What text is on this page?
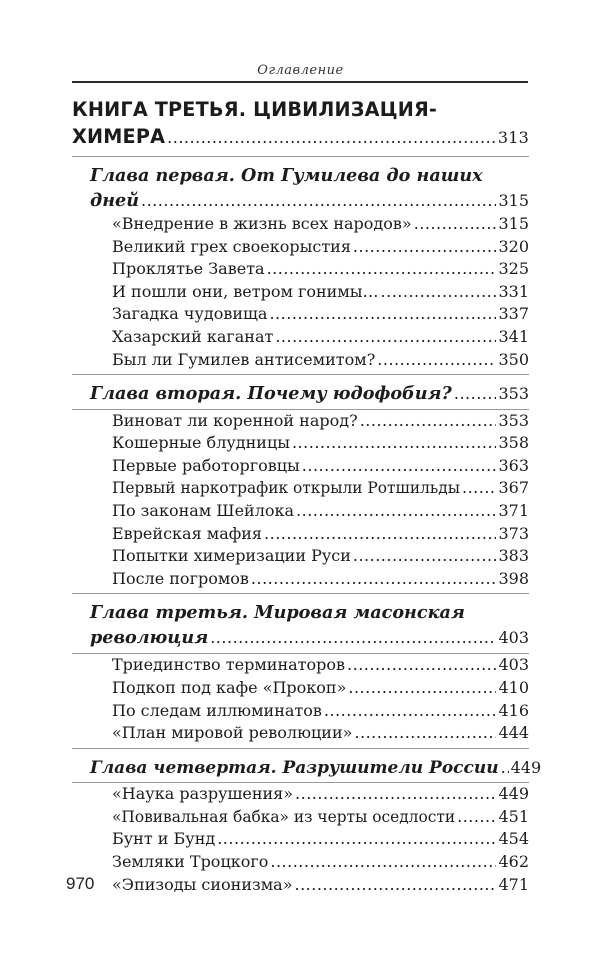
Оглавление
КНИГА ТРЕТЬЯ. ЦИВИЛИЗАЦИЯ-
ХИМЕРА .....	313
Глава первая. От Гумилева до наших
дней .....	315
«Внедрение в жизнь всех народов» .....	315
Великий грех своекорыстия .....	320
Проклятье Завета .....	325
И пошли они, ветром гонимы… .....	331
Загадка чудовища .....	337
Хазарский каганат .....	341
Был ли Гумилев антисемитом? .....	350
Глава вторая. Почему юдофобия? .....	353
Виноват ли коренной народ? .....	353
Кошерные блудницы .....	358
Первые работорговцы .....	363
Первый наркотрафик открыли Ротшильды ..... 367
По законам Шейлока .....	371
Еврейская мафия .....	373
Попытки химеризации Руси .....	383
После погромов .....	398
Глава третья. Мировая масонская
революция .....	403
Триединство терминаторов .....	403
Подкоп под кафе «Прокоп» .....	410
По следам иллюминатов .....	416
«План мировой революции» .....	444
Глава четвертая. Разрушители России ..... 449
«Наука разрушения» .....	449
«Повивальная бабка» из черты оседлости .....	451
Бунт и Бунд .....	454
Земляки Троцкого .....	462
«Эпизоды сионизма» .....	471
970
